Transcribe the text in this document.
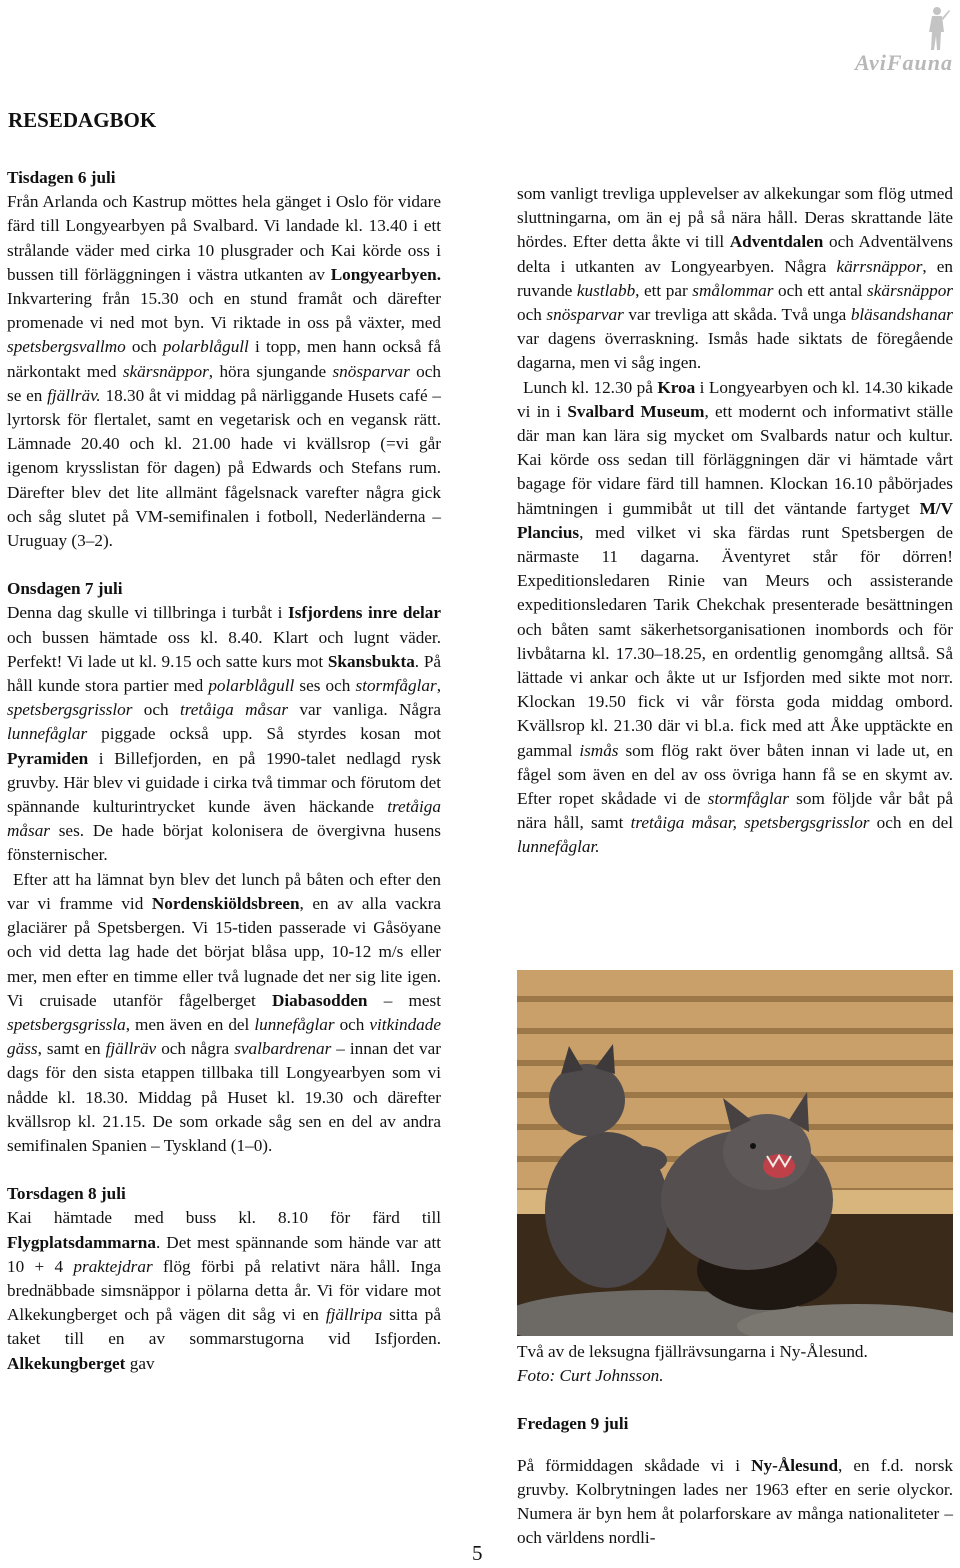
AviFauna
RESEDAGBOK
Tisdagen 6 juli

Från Arlanda och Kastrup möttes hela gänget i Oslo för vidare färd till Longyearbyen på Svalbard. Vi landade kl. 13.40 i ett strålande väder med cirka 10 plusgrader och Kai körde oss i bussen till förläggningen i västra utkanten av Longyearbyen. Inkvartering från 15.30 och en stund framåt och därefter promenade vi ned mot byn. Vi riktade in oss på växter, med spetsbergsvallmo och polarblågull i topp, men hann också få närkontakt med skärsnäppor, höra sjungande snösparvar och se en fjällräv. 18.30 åt vi middag på närliggande Husets café – lyrtorsk för flertalet, samt en vegetarisk och en vegansk rätt. Lämnade 20.40 och kl. 21.00 hade vi kvällsrop (=vi går igenom krysslistan för dagen) på Edwards och Stefans rum. Därefter blev det lite allmänt fågelsnack varefter några gick och såg slutet på VM-semifinalen i fotboll, Nederländerna – Uruguay (3–2).

Onsdagen 7 juli

Denna dag skulle vi tillbringa i turbåt i Isfjordens inre delar och bussen hämtade oss kl. 8.40. Klart och lugnt väder. Perfekt! Vi lade ut kl. 9.15 och satte kurs mot Skansbukta. På håll kunde stora partier med polarblågull ses och stormfåglar, spetsbergsgrisslor och tretåiga måsar var vanliga. Några lunnefåglar piggade också upp. Så styrdes kosan mot Pyramiden i Billefjorden, en på 1990-talet nedlagd rysk gruvby. Här blev vi guidade i cirka två timmar och förutom det spännande kulturintrycket kunde även häckande tretåiga måsar ses. De hade börjat kolonisera de övergivna husens fönsternischer.

Efter att ha lämnat byn blev det lunch på båten och efter den var vi framme vid Nordenskiöldsbreen, en av alla vackra glaciärer på Spetsbergen. Vi 15-tiden passerade vi Gåsöyane och vid detta lag hade det börjat blåsa upp, 10-12 m/s eller mer, men efter en timme eller två lugnade det ner sig lite igen. Vi cruisade utanför fågelberget Diabasodden – mest spetsbergsgrissla, men även en del lunnefåglar och vitkindade gäss, samt en fjällräv och några svalbardrenar – innan det var dags för den sista etappen tillbaka till Longyearbyen som vi nådde kl. 18.30. Middag på Huset kl. 19.30 och därefter kvällsrop kl. 21.15. De som orkade såg sen en del av andra semifinalen Spanien – Tyskland (1–0).

Torsdagen 8 juli

Kai hämtade med buss kl. 8.10 för färd till Flygplatsdammarna. Det mest spännande som hände var att 10 + 4 praktejdrar flög förbi på relativt nära håll. Inga brednäbbade simsnäppor i pölarna detta år. Vi för vidare mot Alkekungberget och på vägen dit såg vi en fjällripa sitta på taket till en av sommarstugorna vid Isfjorden. Alkekungberget gav

som vanligt trevliga upplevelser av alkekungar som flög utmed sluttningarna, om än ej på så nära håll. Deras skrattande läte hördes. Efter detta åkte vi till Adventdalen och Adventälvens delta i utkanten av Longyearbyen. Några kärrsnäppor, en ruvande kustlabb, ett par smålommar och ett antal skärsnäppor och snösparvar var trevliga att skåda. Två unga bläsandshanar var dagens överraskning. Ismås hade siktats de föregående dagarna, men vi såg ingen.

Lunch kl. 12.30 på Kroa i Longyearbyen och kl. 14.30 kikade vi in i Svalbard Museum, ett modernt och informativt ställe där man kan lära sig mycket om Svalbards natur och kultur. Kai körde oss sedan till förläggningen där vi hämtade vårt bagage för vidare färd till hamnen. Klockan 16.10 påbörjades hämtningen i gummibåt ut till det väntande fartyget M/V Plancius, med vilket vi ska färdas runt Spetsbergen de närmaste 11 dagarna. Äventyret står för dörren! Expeditionsledaren Rinie van Meurs och assisterande expeditionsledaren Tarik Chekchak presenterade besättningen och båten samt säkerhetsorganisationen inombords och för livbåtarna kl. 17.30–18.25, en ordentlig genomgång alltså. Så lättade vi ankar och åkte ut ur Isfjorden med sikte mot norr. Klockan 19.50 fick vi vår första goda middag ombord. Kvällsrop kl. 21.30 där vi bl.a. fick med att Åke upptäckte en gammal ismås som flög rakt över båten innan vi lade ut, en fågel som även en del av oss övriga hann få se en skymt av. Efter ropet skådade vi de stormfåglar som följde vår båt på nära håll, samt tretåiga måsar, spetsbergsgrisslor och en del lunnefåglar.

Två av de leksugna fjällrävsungarna i Ny-Ålesund.
Foto: Curt Johnsson.
Fredagen 9 juli

På förmiddagen skådade vi i Ny-Ålesund, en f.d. norsk gruvby. Kolbrytningen lades ner 1963 efter en serie olyckor. Numera är byn hem åt polarforskare av många nationaliteter – och världens nordli-

5
